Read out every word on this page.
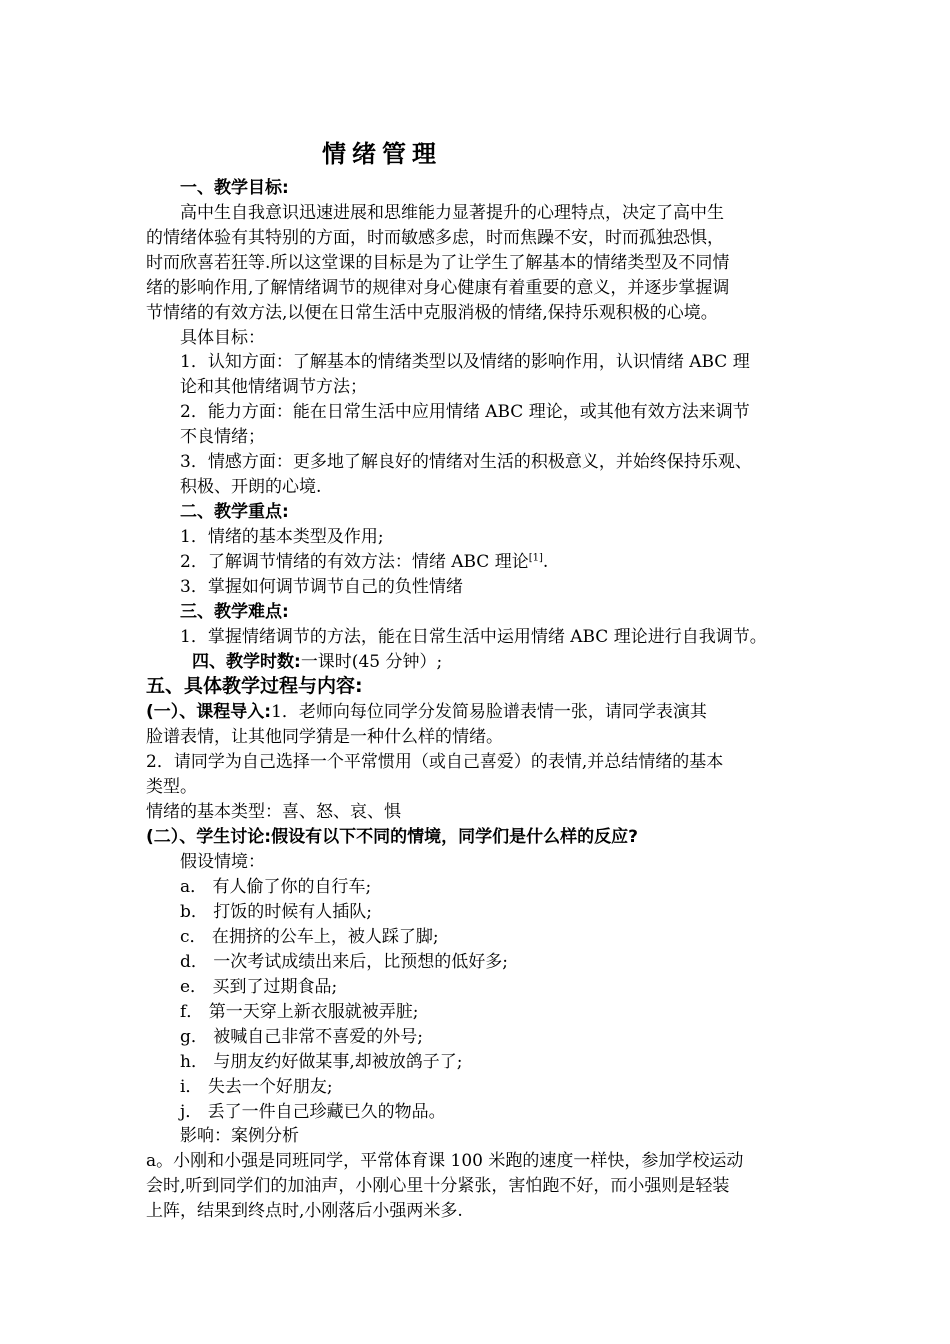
情绪管理
一、教学目标:
高中生自我意识迅速进展和思维能力显著提升的心理特点，决定了高中生
的情绪体验有其特别的方面，时而敏感多虑，时而焦躁不安，时而孤独恐惧，
时而欣喜若狂等.所以这堂课的目标是为了让学生了解基本的情绪类型及不同情
绪的影响作用,了解情绪调节的规律对身心健康有着重要的意义，并逐步掌握调
节情绪的有效方法,以便在日常生活中克服消极的情绪,保持乐观积极的心境。
具体目标：
1．认知方面：了解基本的情绪类型以及情绪的影响作用，认识情绪 ABC 理
论和其他情绪调节方法；
2．能力方面：能在日常生活中应用情绪 ABC 理论，或其他有效方法来调节
不良情绪；
3．情感方面：更多地了解良好的情绪对生活的积极意义，并始终保持乐观、
积极、开朗的心境.
二、教学重点:
1．情绪的基本类型及作用;
2．了解调节情绪的有效方法：情绪 ABC 理论[1].
3．掌握如何调节调节自己的负性情绪
三、教学难点:
1．掌握情绪调节的方法，能在日常生活中运用情绪 ABC 理论进行自我调节。
四、教学时数:一课时(45 分钟）;
五、具体教学过程与内容:
(一）、课程导入:1．老师向每位同学分发简易脸谱表情一张，请同学表演其
脸谱表情，让其他同学猜是一种什么样的情绪。
2．请同学为自己选择一个平常惯用（或自己喜爱）的表情,并总结情绪的基本
类型。
情绪的基本类型：喜、怒、哀、惧
(二）、学生讨论:假设有以下不同的情境，同学们是什么样的反应?
假设情境：
a． 有人偷了你的自行车;
b． 打饭的时候有人插队;
c． 在拥挤的公车上，被人踩了脚;
d． 一次考试成绩出来后，比预想的低好多;
e． 买到了过期食品;
f． 第一天穿上新衣服就被弄脏;
g． 被喊自己非常不喜爱的外号;
h． 与朋友约好做某事,却被放鸽子了;
i． 失去一个好朋友;
j． 丢了一件自己珍藏已久的物品。
影响：案例分析
a。小刚和小强是同班同学，平常体育课 100 米跑的速度一样快，参加学校运动
会时,听到同学们的加油声，小刚心里十分紧张，害怕跑不好，而小强则是轻装
上阵，结果到终点时,小刚落后小强两米多.
